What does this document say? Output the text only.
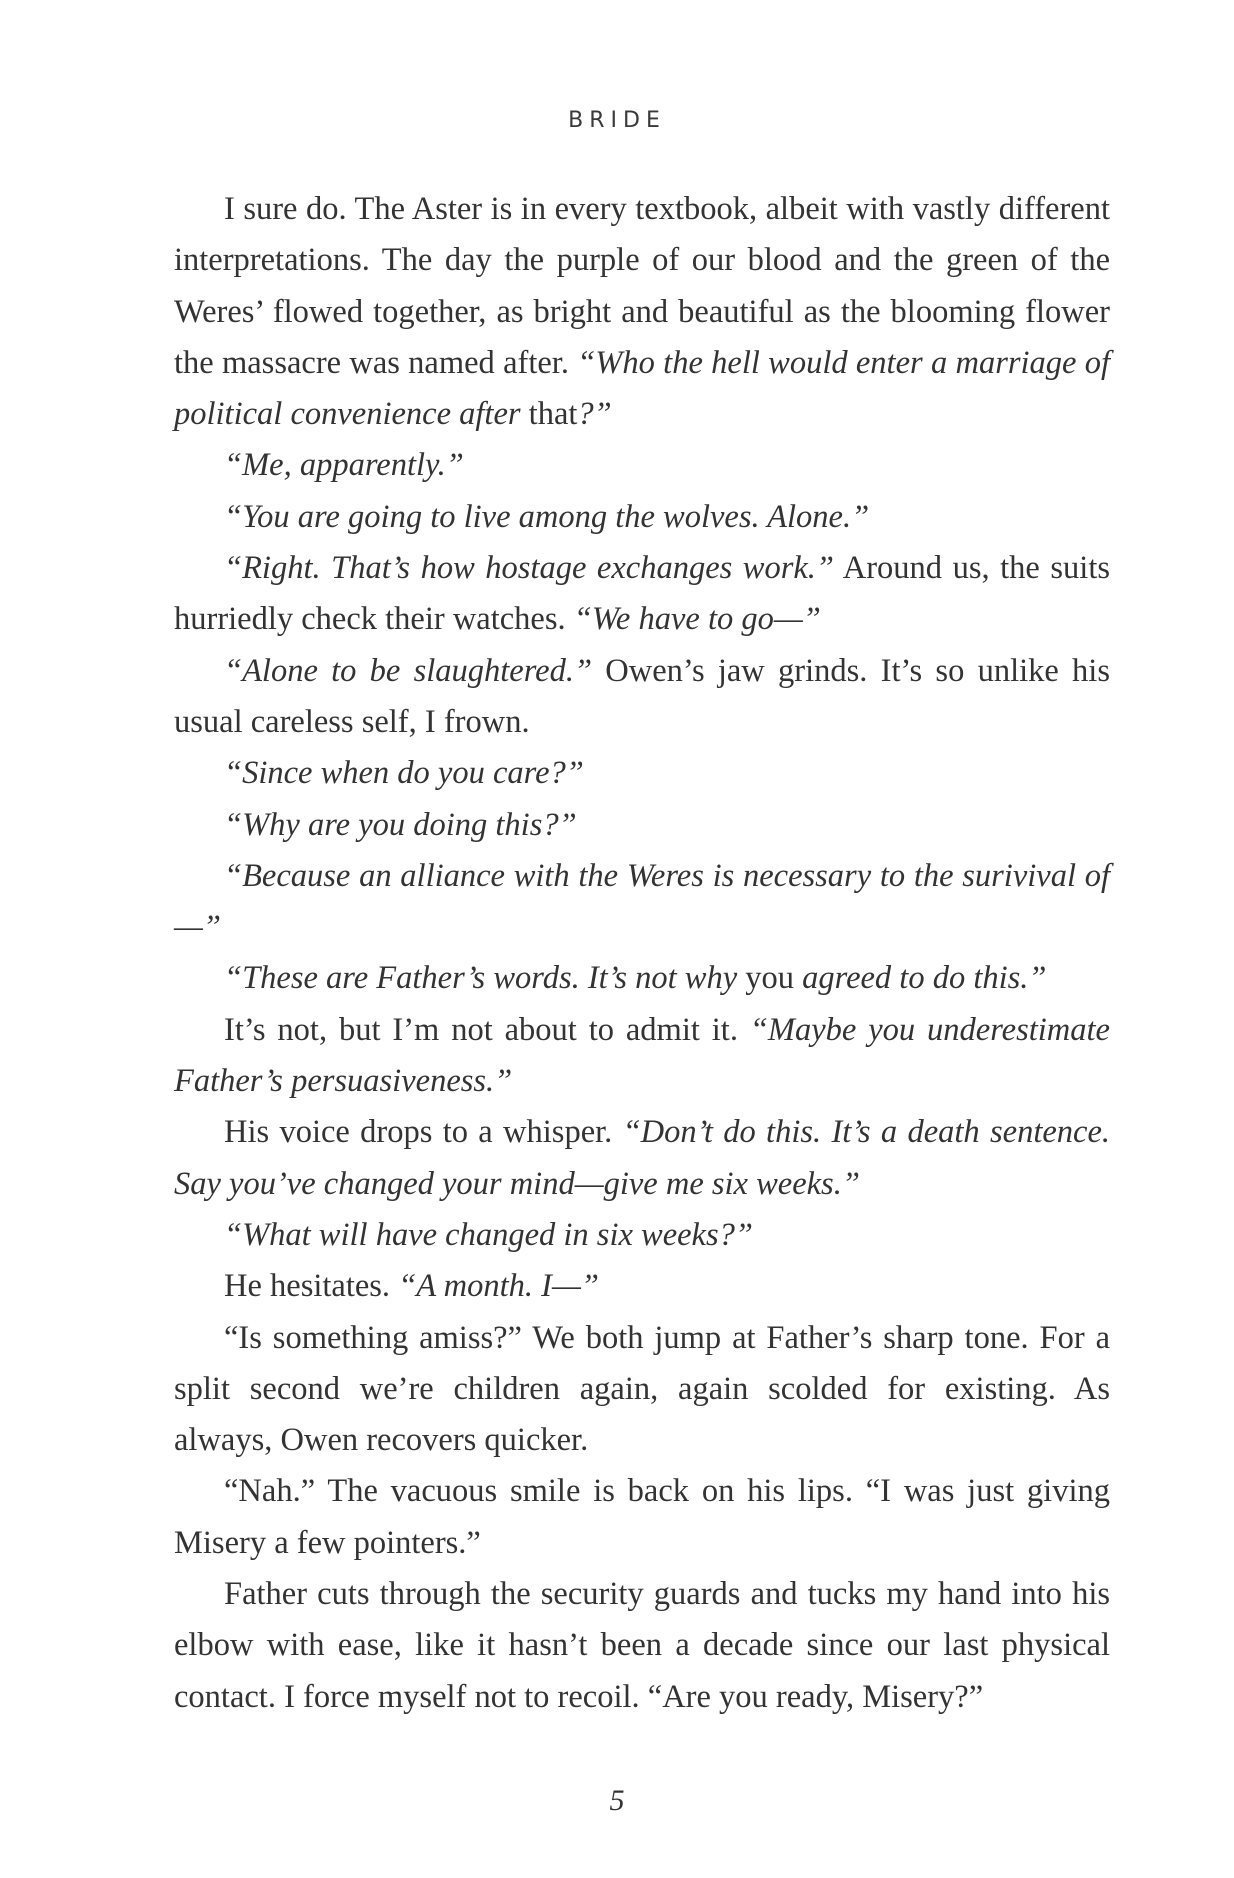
BRIDE

I sure do. The Aster is in every textbook, albeit with vastly different interpretations. The day the purple of our blood and the green of the Weres’ flowed together, as bright and beautiful as the blooming flower the massacre was named after. “Who the hell would enter a marriage of political convenience after that?”

“Me, apparently.”

“You are going to live among the wolves. Alone.”

“Right. That’s how hostage exchanges work.” Around us, the suits hurriedly check their watches. “We have to go—”

“Alone to be slaughtered.” Owen’s jaw grinds. It’s so unlike his usual careless self, I frown.

“Since when do you care?”

“Why are you doing this?”

“Because an alliance with the Weres is necessary to the surivival of—”

“These are Father’s words. It’s not why you agreed to do this.”

It’s not, but I’m not about to admit it. “Maybe you underestimate Father’s persuasiveness.”

His voice drops to a whisper. “Don’t do this. It’s a death sentence. Say you’ve changed your mind—give me six weeks.”

“What will have changed in six weeks?”

He hesitates. “A month. I—”

“Is something amiss?” We both jump at Father’s sharp tone. For a split second we’re children again, again scolded for existing. As always, Owen recovers quicker.

“Nah.” The vacuous smile is back on his lips. “I was just giving Misery a few pointers.”

Father cuts through the security guards and tucks my hand into his elbow with ease, like it hasn’t been a decade since our last physical contact. I force myself not to recoil. “Are you ready, Misery?”

5
